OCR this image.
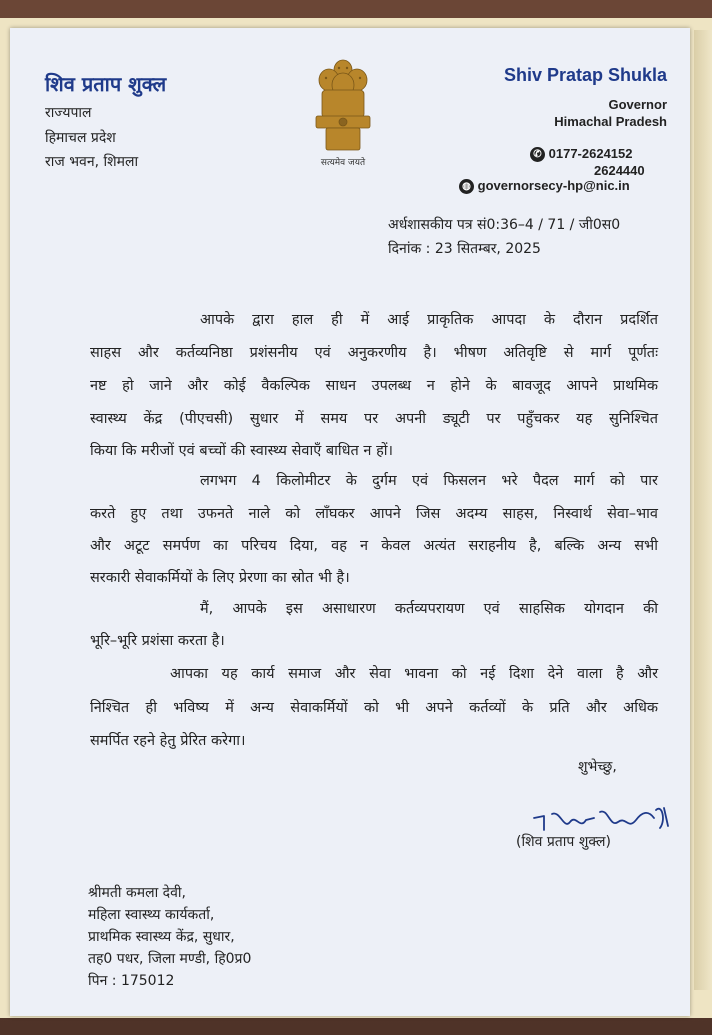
शिव प्रताप शुक्ल
राज्यपाल
हिमाचल प्रदेश
राज भवन, शिमला	सत्यमेव जयते
Shiv Pratap Shukla
Governor
Himachal Pradesh
✆ 0177-2624152
2624440
◍ governorsecy-hp@nic.in
अर्धशासकीय पत्र सं0:36–4 / 71 / जी0स0
दिनांक : 23 सितम्बर, 2025
आपके द्वारा हाल ही में आई प्राकृतिक आपदा के दौरान प्रदर्शित
साहस और कर्तव्यनिष्ठा प्रशंसनीय एवं अनुकरणीय है। भीषण अतिवृष्टि से मार्ग पूर्णतः
नष्ट हो जाने और कोई वैकल्पिक साधन उपलब्ध न होने के बावजूद आपने प्राथमिक
स्वास्थ्य केंद्र (पीएचसी) सुधार में समय पर अपनी ड्यूटी पर पहुँचकर यह सुनिश्चित
किया कि मरीजों एवं बच्चों की स्वास्थ्य सेवाएँ बाधित न हों।
लगभग 4 किलोमीटर के दुर्गम एवं फिसलन भरे पैदल मार्ग को पार
करते हुए तथा उफनते नाले को लाँघकर आपने जिस अदम्य साहस, निस्वार्थ सेवा–भाव
और अटूट समर्पण का परिचय दिया, वह न केवल अत्यंत सराहनीय है, बल्कि अन्य सभी
सरकारी सेवाकर्मियों के लिए प्रेरणा का स्रोत भी है।
मैं, आपके इस असाधारण कर्तव्यपरायण एवं साहसिक योगदान की
भूरि–भूरि प्रशंसा करता है।
आपका यह कार्य समाज और सेवा भावना को नई दिशा देने वाला है और
निश्चित ही भविष्य में अन्य सेवाकर्मियों को भी अपने कर्तव्यों के प्रति और अधिक
समर्पित रहने हेतु प्रेरित करेगा।
शुभेच्छु,
(शिव प्रताप शुक्ल)
श्रीमती कमला देवी,
महिला स्वास्थ्य कार्यकर्ता,
प्राथमिक स्वास्थ्य केंद्र, सुधार,
तह0 पधर, जिला मण्डी, हि0प्र0
पिन : 175012
